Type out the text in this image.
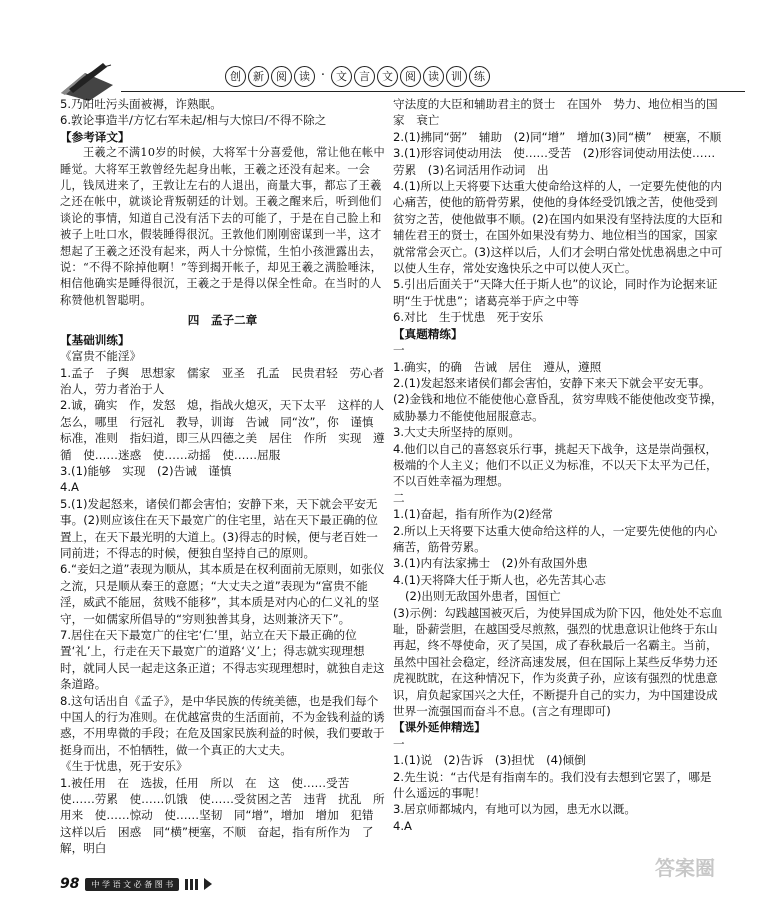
创	新	阅	读 · 文	言	文	阅	读	训	练

5.乃阳吐污头面被褥，诈熟眠。

6.敦论事造半/方忆右军未起/相与大惊曰/不得不除之

【参考译文】

　　王羲之不满10岁的时候，大将军十分喜爱他，常让他在帐中睡觉。大将军王敦曾经先起身出帐，王羲之还没有起来。一会儿，钱凤进来了，王敦让左右的人退出，商量大事，都忘了王羲之还在帐中，就谈论背叛朝廷的计划。王羲之醒来后，听到他们谈论的事情，知道自己没有活下去的可能了，于是在自己脸上和被子上吐口水，假装睡得很沉。王敦他们刚刚密谋到一半，这才想起了王羲之还没有起来，两人十分惊慌，生怕小孩泄露出去，说：“不得不除掉他啊！”等到揭开帐子，却见王羲之满脸唾沫，相信他确实是睡得很沉，王羲之于是得以保全性命。在当时的人称赞他机智聪明。

四　孟子二章

【基础训练】

《富贵不能淫》

1.孟子　子舆　思想家　儒家　亚圣　孔孟　民贵君轻　劳心者治人，劳力者治于人

2.诚，确实　作，发怒　熄，指战火熄灭，天下太平　这样的人怎么，哪里　行冠礼　教导，训诲　告诫　同“汝”，你　谨慎　标准，准则　指妇道，即三从四德之美　居住　作所　实现　遵循　使……迷惑　使……动摇　使……屈服

3.(1)能够　实现　(2)告诫　谨慎

4.A

5.(1)发起怒来，诸侯们都会害怕；安静下来，天下就会平安无事。(2)则应该住在天下最宽广的住宅里，站在天下最正确的位置上，在天下最光明的大道上。(3)得志的时候，便与老百姓一同前进；不得志的时候，便独自坚持自己的原则。

6.“妾妇之道”表现为顺从，其本质是在权利面前无原则，如张仪之流，只是顺从秦王的意愿；“大丈夫之道”表现为“富贵不能淫，威武不能屈，贫贱不能移”，其本质是对内心的仁义礼的坚守，一如儒家所倡导的“穷则独善其身，达则兼济天下”。

7.居住在天下最宽广的住宅‘仁’里，站立在天下最正确的位置‘礼’上，行走在天下最宽广的道路‘义’上；得志就实现理想时，就同人民一起走这条正道；不得志实现理想时，就独自走这条道路。

8.这句话出自《孟子》，是中华民族的传统美德，也是我们每个中国人的行为准则。在优越富贵的生活面前，不为金钱利益的诱惑，不用卑微的手段；在危及国家民族利益的时候，我们要敢于挺身而出，不怕牺牲，做一个真正的大丈夫。

《生于忧患，死于安乐》

1.被任用　在　选拔，任用　所以　在　这　使……受苦　使……劳累　使……饥饿　使……受贫困之苦　违背　扰乱　所用来　使……惊动　使……坚韧　同“增”，增加　增加　犯错　这样以后　困惑　同“横”梗塞，不顺　奋起，指有所作为　了解，明白

守法度的大臣和辅助君主的贤士　在国外　势力、地位相当的国家　衰亡

2.(1)拂同“弼”　辅助　(2)同“增”　增加(3)同“横”　梗塞，不顺

3.(1)形容词使动用法　使……受苦　(2)形容词使动用法使……劳累　(3)名词活用作动词　出

4.(1)所以上天将要下达重大使命给这样的人，一定要先使他的内心痛苦，使他的筋骨劳累，使他的身体经受饥饿之苦，使他受到贫穷之苦，使他做事不顺。(2)在国内如果没有坚持法度的大臣和辅佐君王的贤士，在国外如果没有势力、地位相当的国家，国家就常常会灭亡。(3)这样以后，人们才会明白常处忧患祸患之中可以使人生存，常处安逸快乐之中可以使人灭亡。

5.引出后面关于“天降大任于斯人也”的议论，同时作为论据来证明“生于忧患”；诸葛亮举于庐之中等

6.对比　生于忧患　死于安乐

【真题精练】

一

1.确实，的确　告诫　居住　遵从，遵照

2.(1)发起怒来诸侯们都会害怕，安静下来天下就会平安无事。(2)金钱和地位不能使他心意昏乱，贫穷卑贱不能使他改变节操，威胁暴力不能使他屈服意志。

3.大丈夫所坚持的原则。

4.他们以自己的喜怒哀乐行事，挑起天下战争，这是崇尚强权，极端的个人主义；他们不以正义为标准，不以天下太平为己任，不以百姓幸福为理想。

二

1.(1)奋起，指有所作为(2)经常

2.所以上天将要下达重大使命给这样的人，一定要先使他的内心痛苦，筋骨劳累。

3.(1)内有法家拂士　(2)外有敌国外患

4.(1)天将降大任于斯人也，必先苦其心志

(2)出则无敌国外患者，国恒亡

(3)示例：勾践越国被灭后，为使异国成为阶下囚，他处处不忘血耻，卧薪尝胆，在越国受尽煎熬，强烈的忧患意识让他终于东山再起，终不辱使命，灭了吴国，成了春秋最后一名霸主。当前，虽然中国社会稳定，经济高速发展，但在国际上某些反华势力还虎视眈眈，在这种情况下，作为炎黄子孙，应该有强烈的忧患意识，肩负起家国兴之大任，不断提升自己的实力，为中国建设成世界一流强国而奋斗不息。(言之有理即可)

【课外延伸精选】

一

1.(1)说　(2)告诉　(3)担忧　(4)倾倒

2.先生说：“古代是有指南车的。我们没有去想到它罢了，哪是什么遥远的事呢！

3.居京师都城内，有地可以为园，患无水以溉。

4.A

98	中 学 语 文 必 备 图 书
答案圈
